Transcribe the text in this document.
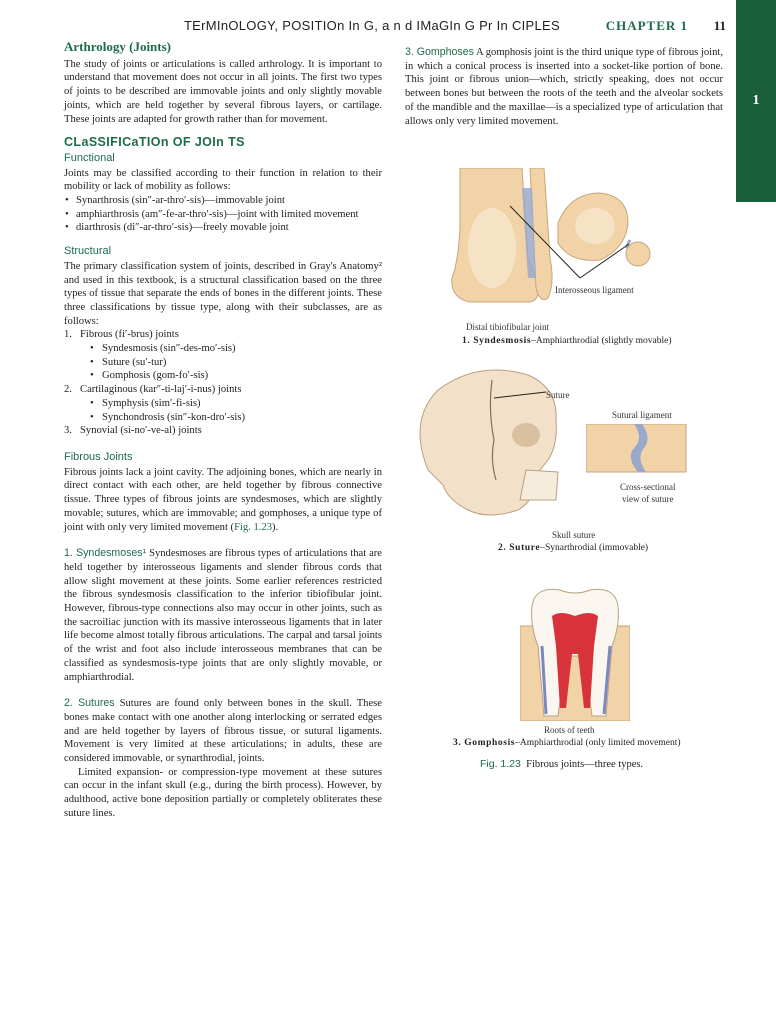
TErMInOLOGY, POSITIOn In G, a n d IMaGIn G Pr In CIPLES	CHAPTER 1 11
1
Arthrology (Joints)

The study of joints or articulations is called arthrology. It is important to understand that movement does not occur in all joints. The first two types of joints to be described are immovable joints and only slightly movable joints, which are held together by several fibrous layers, or cartilage. These joints are adapted for growth rather than for movement.

CLaSSIFICaTIOn OF JOIn TS
Functional

Joints may be classified according to their function in relation to their mobility or lack of mobility as follows:

• Synarthrosis (sin″-ar-thro′-sis)—immovable joint
• amphiarthrosis (am″-fe-ar-thro′-sis)—joint with limited movement
• diarthrosis (di″-ar-thro′-sis)—freely movable joint
Structural

The primary classification system of joints, described in Gray's Anatomy² and used in this textbook, is a structural classification based on the three types of tissue that separate the ends of bones in the different joints. These three classifications by tissue type, along with their subclasses, are as follows:

1. Fibrous (fi′-brus) joints
• Syndesmosis (sin″-des-mo′-sis)
• Suture (su′-tur)
• Gomphosis (gom-fo′-sis)
2. Cartilaginous (kar″-ti-laj′-i-nus) joints
• Symphysis (sim′-fi-sis)
• Synchondrosis (sin″-kon-dro′-sis)
3. Synovial (si-no′-ve-al) joints
Fibrous Joints

Fibrous joints lack a joint cavity. The adjoining bones, which are nearly in direct contact with each other, are held together by fibrous connective tissue. Three types of fibrous joints are syndesmoses, which are slightly movable; sutures, which are immovable; and gomphoses, a unique type of joint with only very limited movement (Fig. 1.23).

1. Syndesmoses¹ Syndesmoses are fibrous types of articulations that are held together by interosseous ligaments and slender fibrous cords that allow slight movement at these joints. Some earlier references restricted the fibrous syndesmosis classification to the inferior tibiofibular joint. However, fibrous-type connections also may occur in other joints, such as the sacroiliac junction with its massive interosseous ligaments that in later life become almost totally fibrous articulations. The carpal and tarsal joints of the wrist and foot also include interosseous membranes that can be classified as syndesmosis-type joints that are only slightly movable, or amphiarthrodial.

2. Sutures Sutures are found only between bones in the skull. These bones make contact with one another along interlocking or serrated edges and are held together by layers of fibrous tissue, or sutural ligaments. Movement is very limited at these articulations; in adults, these are considered immovable, or synarthrodial, joints.

Limited expansion- or compression-type movement at these sutures can occur in the infant skull (e.g., during the birth process). However, by adulthood, active bone deposition partially or completely obliterates these suture lines.

3. Gomphoses A gomphosis joint is the third unique type of fibrous joint, in which a conical process is inserted into a socket-like portion of bone. This joint or fibrous union—which, strictly speaking, does not occur between bones but between the roots of the teeth and the alveolar sockets of the mandible and the maxillae—is a specialized type of articulation that allows only very limited movement.
Interosseous ligament
Distal tibiofibular joint
1. Syndesmosis–Amphiarthrodial (slightly movable)
Suture
Sutural ligament
Cross-sectional
view of suture
Skull suture
2. Suture–Synarthrodial (immovable)
Roots of teeth
3. Gomphosis–Amphiarthrodial (only limited movement)
Fig. 1.23 Fibrous joints—three types.
